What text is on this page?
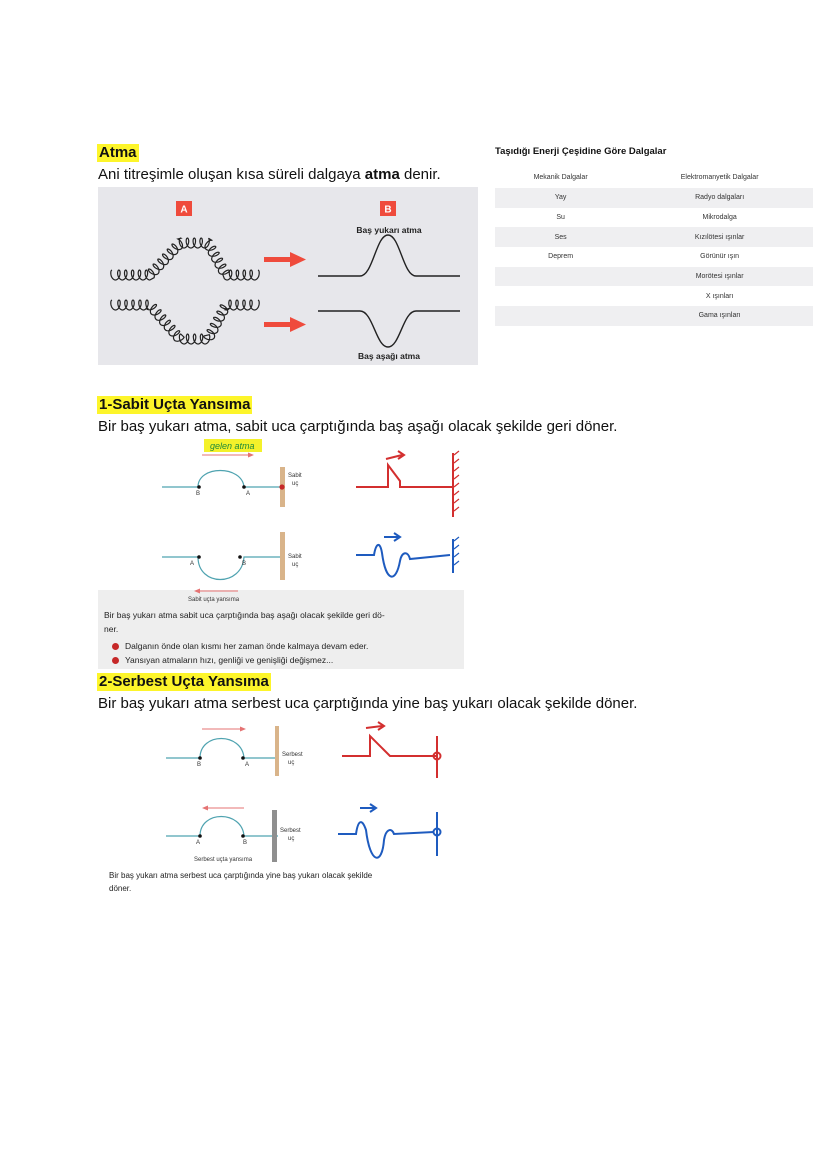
Atma
Ani titreşimle oluşan kısa süreli dalgaya atma denir.
A	B
Baş yukarı atma
Baş aşağı atma
Taşıdığı Enerji Çeşidine Göre Dalgalar
Mekanik Dalgalar	Elektromanyetik Dalgalar
Yay	Radyo dalgaları
Su	Mikrodalga
Ses	Kızılötesi ışınlar
Deprem	Görünür ışın
	Morötesi ışınlar
	X ışınları
	Gama ışınları
1-Sabit Uçta Yansıma
Bir baş yukarı atma, sabit uca çarptığında baş aşağı olacak şekilde geri döner.
gelen atma
B	A
Sabit
uç
A	B
Sabit
uç
Sabit uçta yansıma
Bir baş yukarı atma sabit uca çarptığında baş aşağı olacak şekilde geri dö-
ner.
Dalganın önde olan kısmı her zaman önde kalmaya devam eder.
Yansıyan atmaların hızı, genliği ve genişliği değişmez...
2-Serbest Uçta Yansıma
Bir baş yukarı atma serbest uca çarptığında yine baş yukarı olacak şekilde döner.
B	A
Serbest
uç
A	B
Serbest
uç
Serbest uçta yansıma
Bir baş yukarı atma serbest uca çarptığında yine baş yukarı olacak şekilde
döner.
